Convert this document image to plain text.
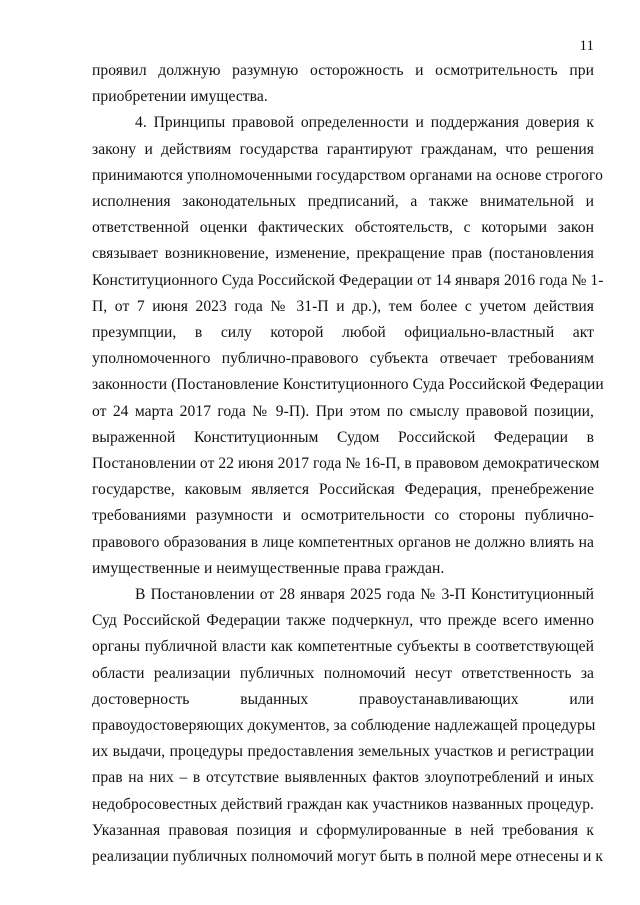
11
проявил должную разумную осторожность и осмотрительность при
приобретении имущества.
4. Принципы правовой определенности и поддержания доверия к
закону и действиям государства гарантируют гражданам, что решения
принимаются уполномоченными государством органами на основе строгого
исполнения законодательных предписаний, а также внимательной и
ответственной оценки фактических обстоятельств, с которыми закон
связывает возникновение, изменение, прекращение прав (постановления
Конституционного Суда Российской Федерации от 14 января 2016 года № 1-
П, от 7 июня 2023 года № 31-П и др.), тем более с учетом действия
презумпции, в силу которой любой официально-властный акт
уполномоченного публично-правового субъекта отвечает требованиям
законности (Постановление Конституционного Суда Российской Федерации
от 24 марта 2017 года № 9-П). При этом по смыслу правовой позиции,
выраженной Конституционным Судом Российской Федерации в
Постановлении от 22 июня 2017 года № 16-П, в правовом демократическом
государстве, каковым является Российская Федерация, пренебрежение
требованиями разумности и осмотрительности со стороны публично-
правового образования в лице компетентных органов не должно влиять на
имущественные и неимущественные права граждан.
В Постановлении от 28 января 2025 года № 3-П Конституционный
Суд Российской Федерации также подчеркнул, что прежде всего именно
органы публичной власти как компетентные субъекты в соответствующей
области реализации публичных полномочий несут ответственность за
достоверность выданных правоустанавливающих или
правоудостоверяющих документов, за соблюдение надлежащей процедуры
их выдачи, процедуры предоставления земельных участков и регистрации
прав на них – в отсутствие выявленных фактов злоупотреблений и иных
недобросовестных действий граждан как участников названных процедур.
Указанная правовая позиция и сформулированные в ней требования к
реализации публичных полномочий могут быть в полной мере отнесены и к
